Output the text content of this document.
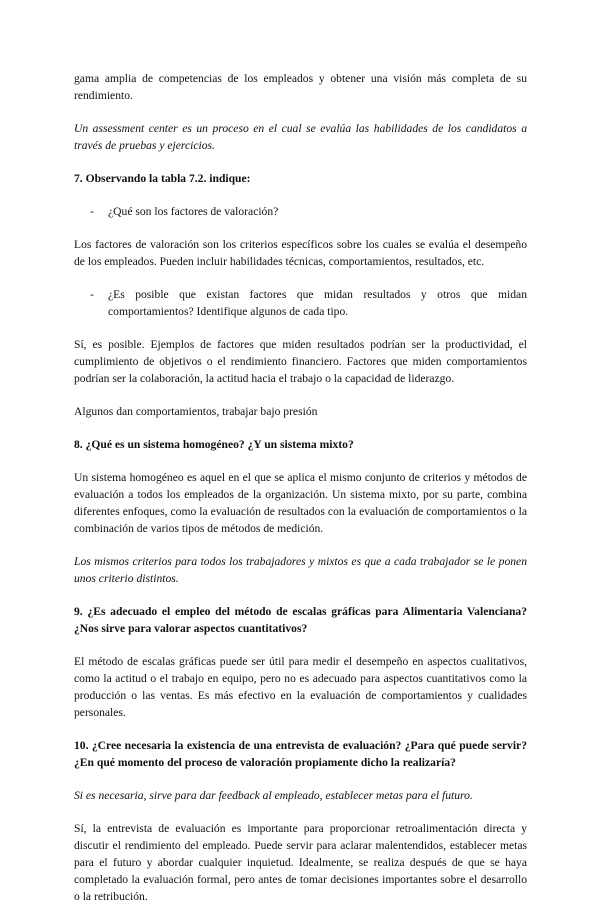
gama amplia de competencias de los empleados y obtener una visión más completa de su rendimiento.

Un assessment center es un proceso en el cual se evalúa las habilidades de los candidatos a través de pruebas y ejercicios.

7. Observando la tabla 7.2. indique:
-	¿Qué son los factores de valoración?

Los factores de valoración son los criterios específicos sobre los cuales se evalúa el desempeño de los empleados. Pueden incluir habilidades técnicas, comportamientos, resultados, etc.

-	¿Es posible que existan factores que midan resultados y otros que midan comportamientos? Identifique algunos de cada tipo.

Sí, es posible. Ejemplos de factores que miden resultados podrían ser la productividad, el cumplimiento de objetivos o el rendimiento financiero. Factores que miden comportamientos podrían ser la colaboración, la actitud hacia el trabajo o la capacidad de liderazgo.

Algunos dan comportamientos, trabajar bajo presión

8. ¿Qué es un sistema homogéneo? ¿Y un sistema mixto?

Un sistema homogéneo es aquel en el que se aplica el mismo conjunto de criterios y métodos de evaluación a todos los empleados de la organización. Un sistema mixto, por su parte, combina diferentes enfoques, como la evaluación de resultados con la evaluación de comportamientos o la combinación de varios tipos de métodos de medición.

Los mismos criterios para todos los trabajadores y mixtos es que a cada trabajador se le ponen unos criterio distintos.

9. ¿Es adecuado el empleo del método de escalas gráficas para Alimentaria Valenciana? ¿Nos sirve para valorar aspectos cuantitativos?

El método de escalas gráficas puede ser útil para medir el desempeño en aspectos cualitativos, como la actitud o el trabajo en equipo, pero no es adecuado para aspectos cuantitativos como la producción o las ventas. Es más efectivo en la evaluación de comportamientos y cualidades personales.

10. ¿Cree necesaria la existencia de una entrevista de evaluación? ¿Para qué puede servir? ¿En qué momento del proceso de valoración propiamente dicho la realizaría?

Si es necesaria, sirve para dar feedback al empleado, establecer metas para el futuro.

Sí, la entrevista de evaluación es importante para proporcionar retroalimentación directa y discutir el rendimiento del empleado. Puede servir para aclarar malentendidos, establecer metas para el futuro y abordar cualquier inquietud. Idealmente, se realiza después de que se haya completado la evaluación formal, pero antes de tomar decisiones importantes sobre el desarrollo o la retribución.
